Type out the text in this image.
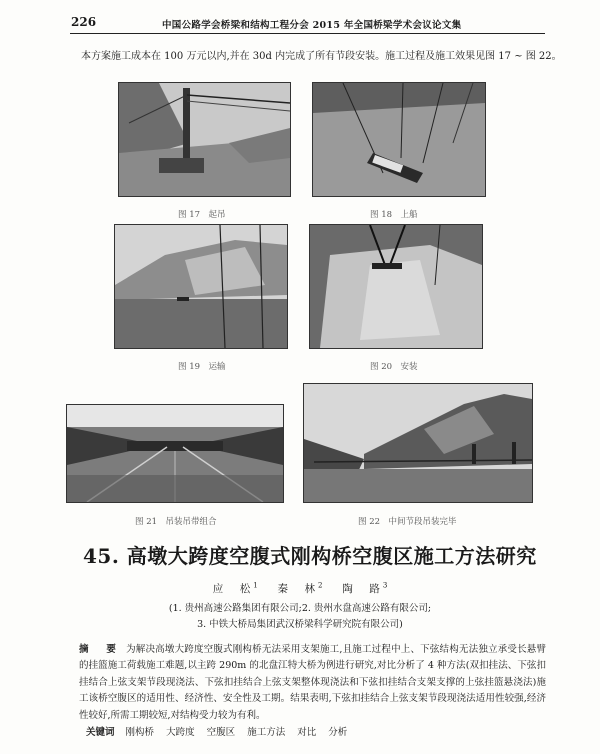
226	中国公路学会桥梁和结构工程分会 2015 年全国桥梁学术会议论文集
本方案施工成本在 100 万元以内,并在 30d 内完成了所有节段安装。施工过程及施工效果见图 17 ~ 图 22。
图 17　起吊	图 18　上船
图 19　运输	图 20　安装
图 21　吊装吊带组合	图 22　中间节段吊装完毕
45. 高墩大跨度空腹式刚构桥空腹区施工方法研究
应　松$^1$　 秦　林$^2$　 陶　路$^3$
(1. 贵州高速公路集团有限公司;2. 贵州水盘高速公路有限公司;
3. 中铁大桥局集团武汉桥梁科学研究院有限公司)

摘　要 为解决高墩大跨度空腹式刚构桥无法采用支架施工,且施工过程中上、下弦结构无法独立承受长悬臂的挂篮施工荷载施工难题,以主跨 290m 的北盘江特大桥为例进行研究,对比分析了 4 种方法(双扣挂法、下弦扣挂结合上弦支架节段现浇法、下弦扣挂结合上弦支架整体现浇法和下弦扣挂结合支架支撑的上弦挂篮悬浇法)施工该桥空腹区的适用性、经济性、安全性及工期。结果表明,下弦扣挂结合上弦支架节段现浇法适用性较强,经济性较好,所需工期较短,对结构受力较为有利。

关键词 刚构桥 大跨度 空腹区 施工方法 对比 分析
